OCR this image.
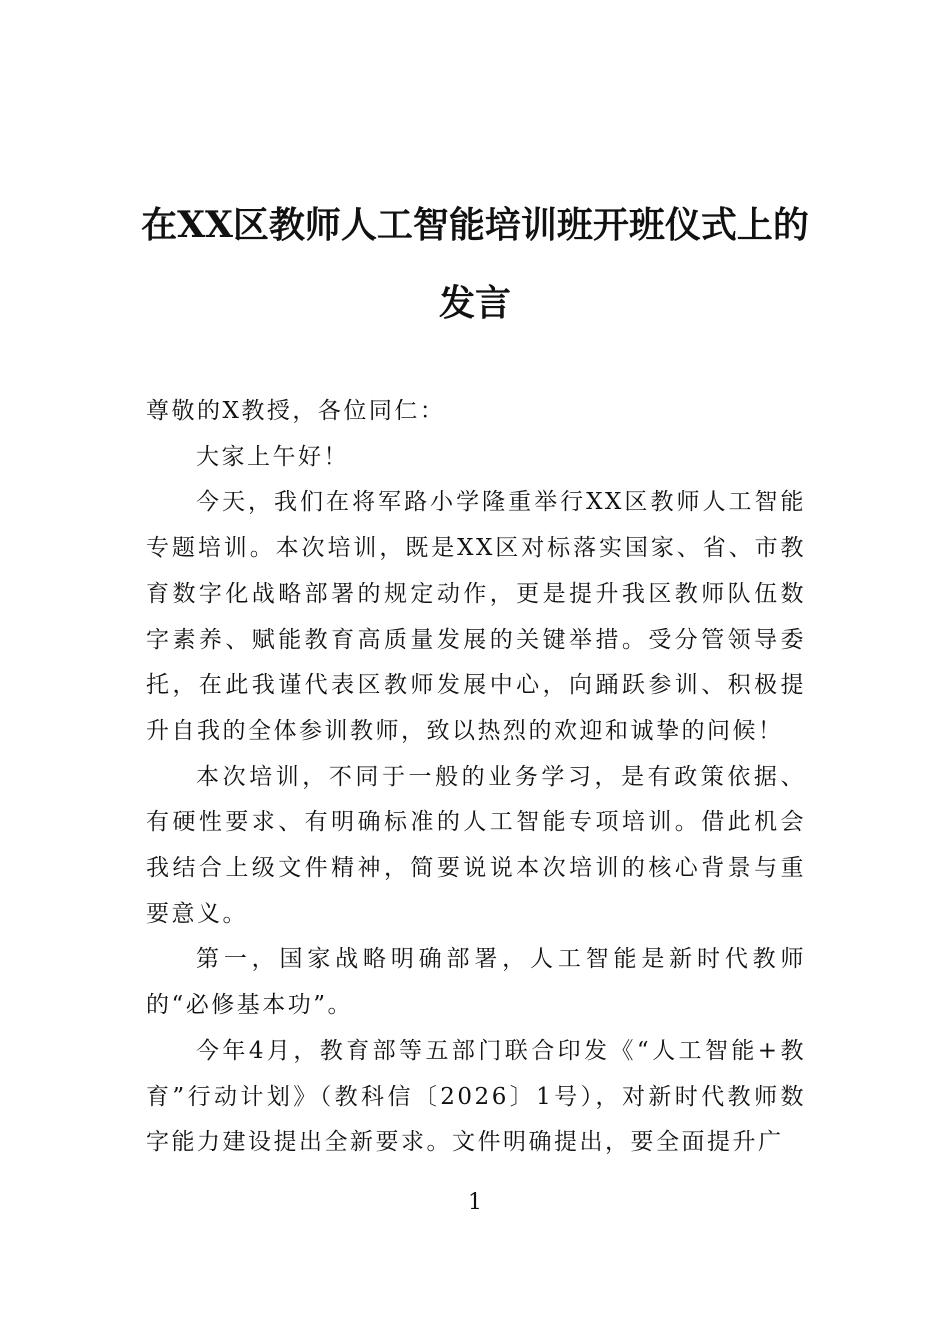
在XX区教师人工智能培训班开班仪式上的发言

尊敬的X教授，各位同仁：

大家上午好！

今天，我们在将军路小学隆重举行XX区教师人工智能专题培训。本次培训，既是XX区对标落实国家、省、市教育数字化战略部署的规定动作，更是提升我区教师队伍数字素养、赋能教育高质量发展的关键举措。受分管领导委托，在此我谨代表区教师发展中心，向踊跃参训、积极提升自我的全体参训教师，致以热烈的欢迎和诚挚的问候！

本次培训，不同于一般的业务学习，是有政策依据、有硬性要求、有明确标准的人工智能专项培训。借此机会我结合上级文件精神，简要说说本次培训的核心背景与重要意义。

第一，国家战略明确部署，人工智能是新时代教师的“必修基本功”。

今年4月，教育部等五部门联合印发《“人工智能+教育”行动计划》（教科信〔2026〕1号），对新时代教师数字能力建设提出全新要求。文件明确提出，要全面提升广

1
